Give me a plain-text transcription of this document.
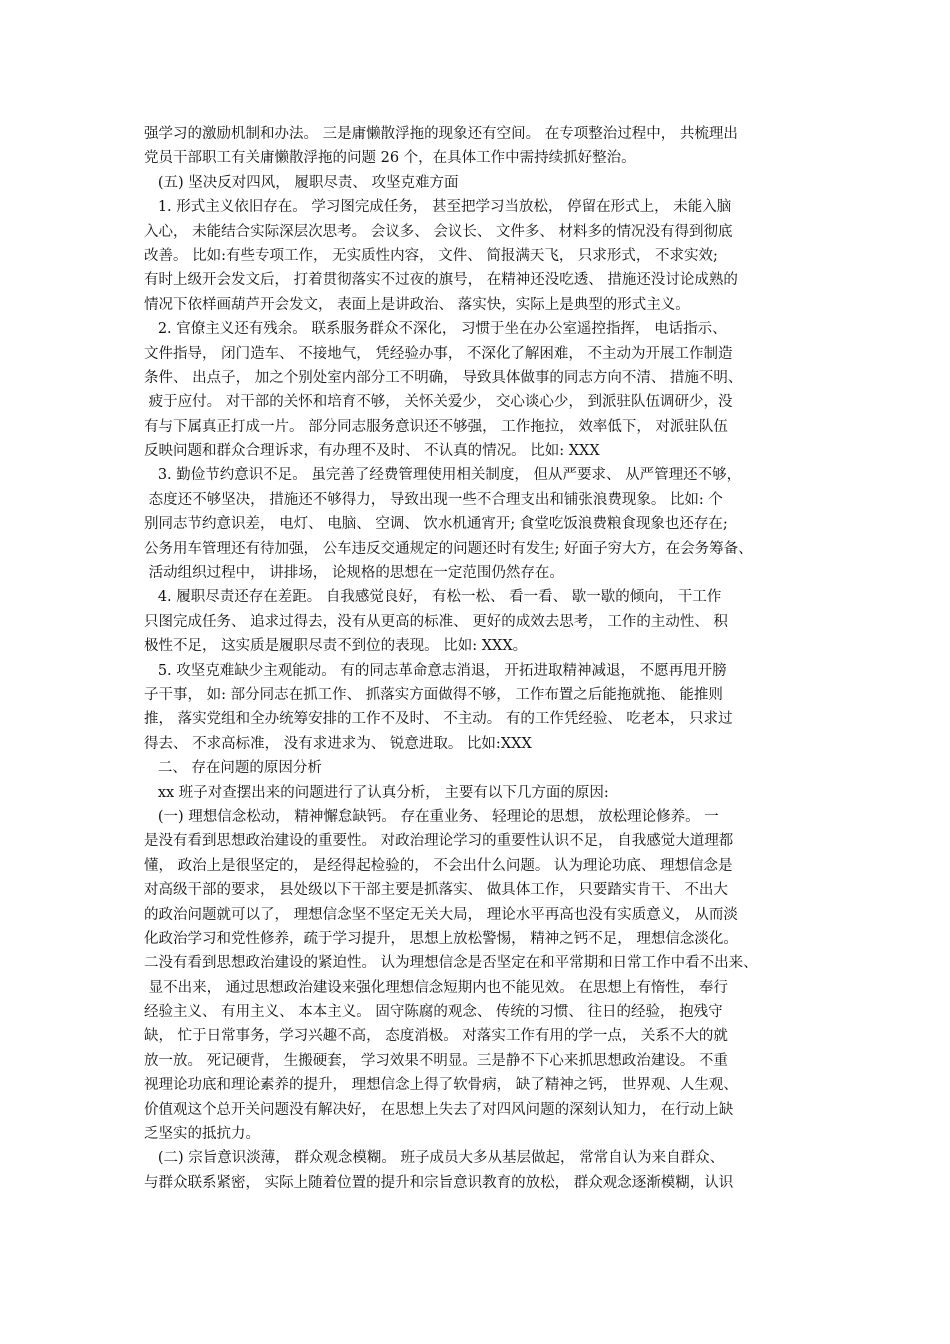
强学习的激励机制和办法。 三是庸懒散浮拖的现象还有空间。 在专项整治过程中， 共梳理出
党员干部职工有关庸懒散浮拖的问题 26 个，在具体工作中需持续抓好整治。
(五) 坚决反对四风， 履职尽责、 攻坚克难方面
1. 形式主义依旧存在。 学习图完成任务， 甚至把学习当放松， 停留在形式上， 未能入脑
入心， 未能结合实际深层次思考。 会议多、 会议长、 文件多、 材料多的情况没有得到彻底
改善。 比如:有些专项工作， 无实质性内容， 文件、 简报满天飞， 只求形式， 不求实效;
有时上级开会发文后， 打着贯彻落实不过夜的旗号， 在精神还没吃透、 措施还没讨论成熟的
情况下依样画葫芦开会发文， 表面上是讲政治、 落实快，实际上是典型的形式主义。
2. 官僚主义还有残余。 联系服务群众不深化， 习惯于坐在办公室遥控指挥， 电话指示、
文件指导， 闭门造车、 不接地气， 凭经验办事， 不深化了解困难， 不主动为开展工作制造
条件、 出点子， 加之个别处室内部分工不明确， 导致具体做事的同志方向不清、 措施不明、
疲于应付。 对干部的关怀和培育不够， 关怀关爱少， 交心谈心少， 到派驻队伍调研少，没
有与下属真正打成一片。 部分同志服务意识还不够强， 工作拖拉， 效率低下， 对派驻队伍
反映问题和群众合理诉求，有办理不及时、 不认真的情况。 比如: XXX
3. 勤俭节约意识不足。 虽完善了经费管理使用相关制度， 但从严要求、 从严管理还不够，
态度还不够坚决， 措施还不够得力， 导致出现一些不合理支出和铺张浪费现象。 比如: 个
别同志节约意识差， 电灯、 电脑、 空调、 饮水机通宵开; 食堂吃饭浪费粮食现象也还存在;
公务用车管理还有待加强， 公车违反交通规定的问题还时有发生; 好面子穷大方，在会务筹备、
活动组织过程中， 讲排场， 论规格的思想在一定范围仍然存在。
4. 履职尽责还存在差距。 自我感觉良好， 有松一松、 看一看、 歇一歇的倾向， 干工作
只图完成任务、 追求过得去，没有从更高的标准、 更好的成效去思考， 工作的主动性、 积
极性不足， 这实质是履职尽责不到位的表现。 比如: XXX。
5. 攻坚克难缺少主观能动。 有的同志革命意志消退， 开拓进取精神减退， 不愿再甩开膀
子干事， 如: 部分同志在抓工作、 抓落实方面做得不够， 工作布置之后能拖就拖、 能推则
推， 落实党组和全办统筹安排的工作不及时、 不主动。 有的工作凭经验、 吃老本， 只求过
得去、 不求高标准， 没有求进求为、 锐意进取。 比如:XXX
二、 存在问题的原因分析
xx 班子对查摆出来的问题进行了认真分析， 主要有以下几方面的原因:
(一) 理想信念松动， 精神懈怠缺钙。 存在重业务、 轻理论的思想， 放松理论修养。 一
是没有看到思想政治建设的重要性。 对政治理论学习的重要性认识不足， 自我感觉大道理都
懂， 政治上是很坚定的， 是经得起检验的， 不会出什么问题。 认为理论功底、 理想信念是
对高级干部的要求， 县处级以下干部主要是抓落实、 做具体工作， 只要踏实肯干、 不出大
的政治问题就可以了， 理想信念坚不坚定无关大局， 理论水平再高也没有实质意义， 从而淡
化政治学习和党性修养，疏于学习提升， 思想上放松警惕， 精神之钙不足， 理想信念淡化。
二没有看到思想政治建设的紧迫性。 认为理想信念是否坚定在和平常期和日常工作中看不出来、
显不出来， 通过思想政治建设来强化理想信念短期内也不能见效。 在思想上有惰性， 奉行
经验主义、 有用主义、 本本主义。 固守陈腐的观念、 传统的习惯、 往日的经验， 抱残守
缺， 忙于日常事务，学习兴趣不高， 态度消极。 对落实工作有用的学一点， 关系不大的就
放一放。 死记硬背， 生搬硬套， 学习效果不明显。三是静不下心来抓思想政治建设。 不重
视理论功底和理论素养的提升， 理想信念上得了软骨病， 缺了精神之钙， 世界观、人生观、
价值观这个总开关问题没有解决好， 在思想上失去了对四风问题的深刻认知力， 在行动上缺
乏坚实的抵抗力。
(二) 宗旨意识淡薄， 群众观念模糊。 班子成员大多从基层做起， 常常自认为来自群众、
与群众联系紧密， 实际上随着位置的提升和宗旨意识教育的放松， 群众观念逐渐模糊，认识
